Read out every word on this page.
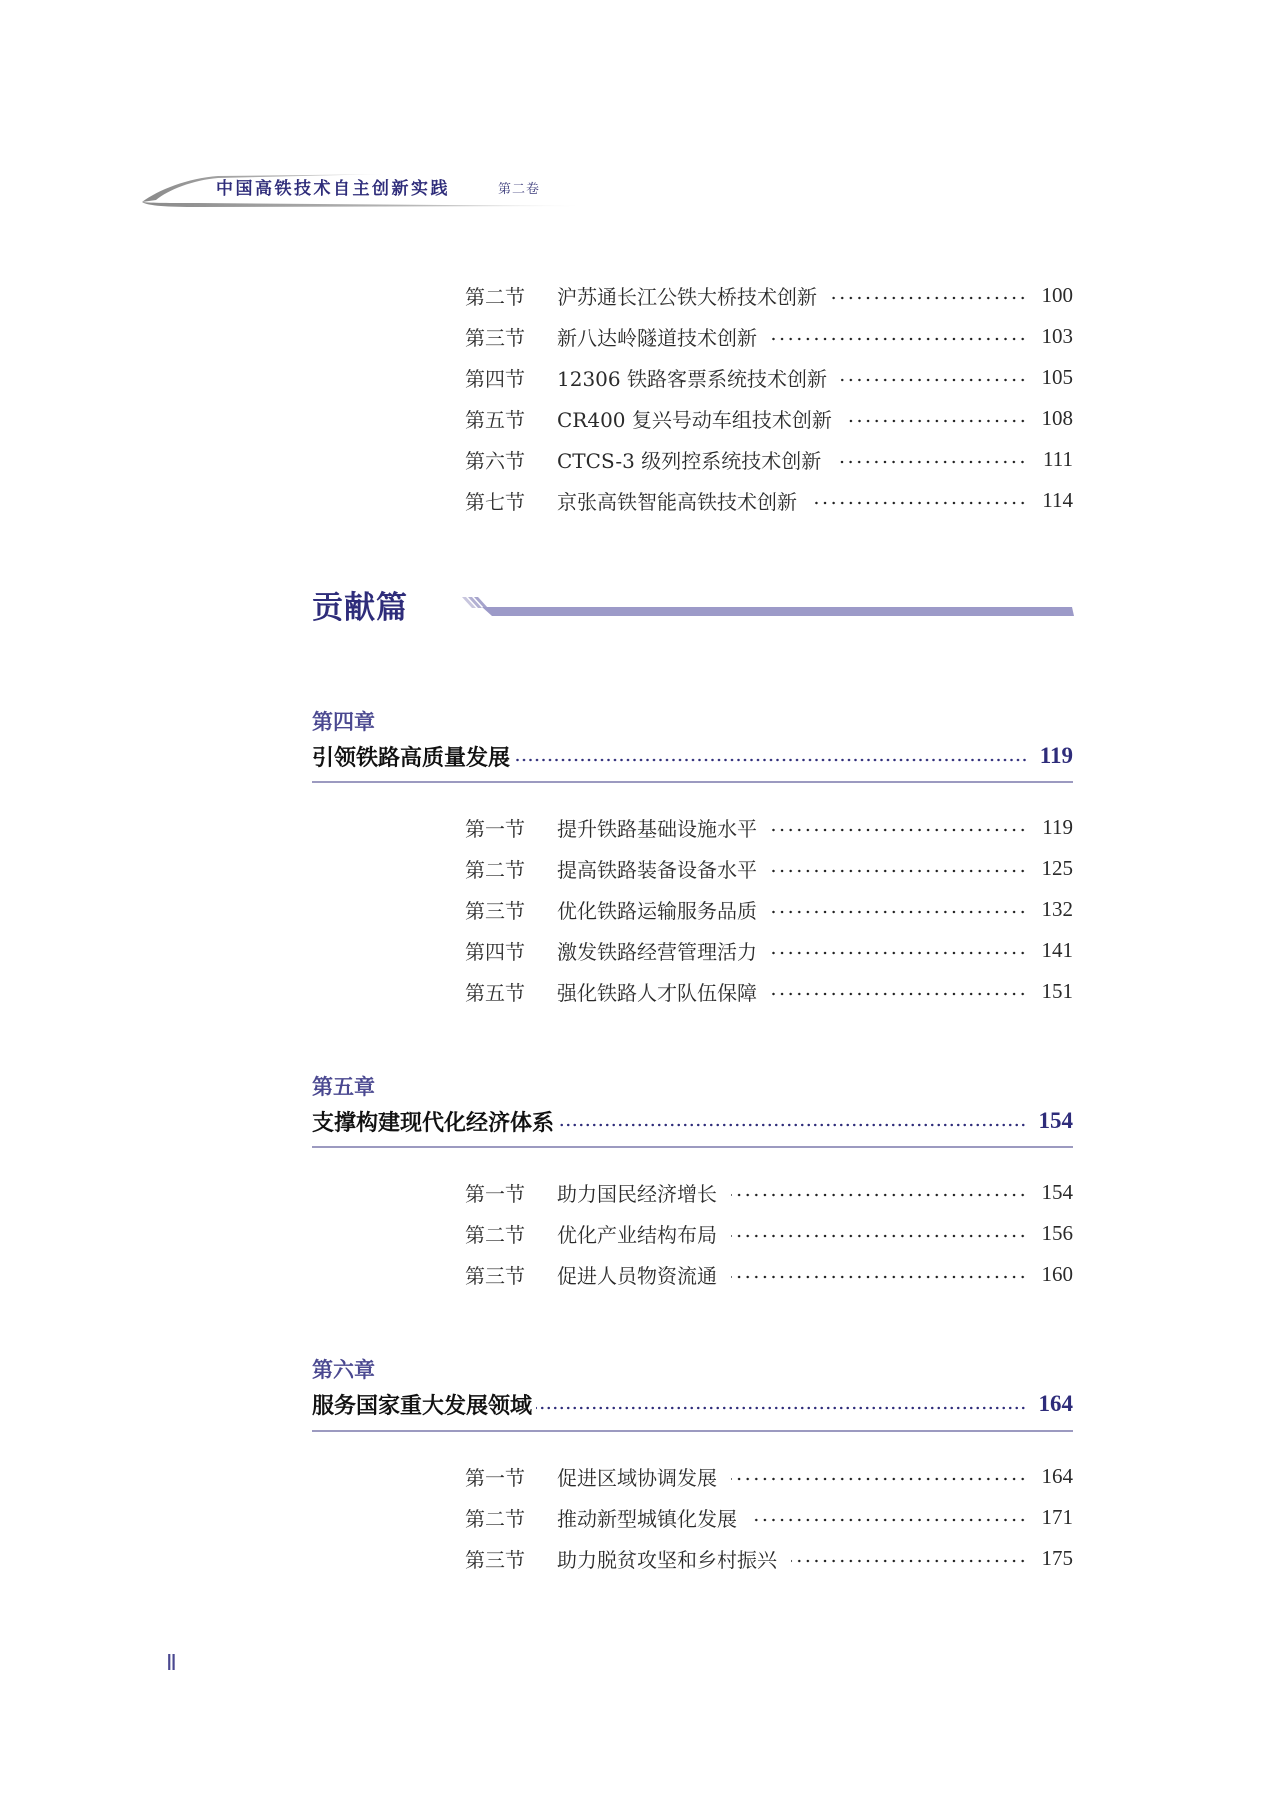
中国高铁技术自主创新实践	第二卷
第二节	沪苏通长江公铁大桥技术创新	100
第三节	新八达岭隧道技术创新	103
第四节	12306 铁路客票系统技术创新	105
第五节	CR400 复兴号动车组技术创新	108
第六节	CTCS-3 级列控系统技术创新	111
第七节	京张高铁智能高铁技术创新	114
贡献篇
第四章
引领铁路高质量发展	119
第一节	提升铁路基础设施水平	119
第二节	提高铁路装备设备水平	125
第三节	优化铁路运输服务品质	132
第四节	激发铁路经营管理活力	141
第五节	强化铁路人才队伍保障	151
第五章
支撑构建现代化经济体系	154
第一节	助力国民经济增长	154
第二节	优化产业结构布局	156
第三节	促进人员物资流通	160
第六章
服务国家重大发展领域	164
第一节	促进区域协调发展	164
第二节	推动新型城镇化发展	171
第三节	助力脱贫攻坚和乡村振兴	175
Ⅱ
